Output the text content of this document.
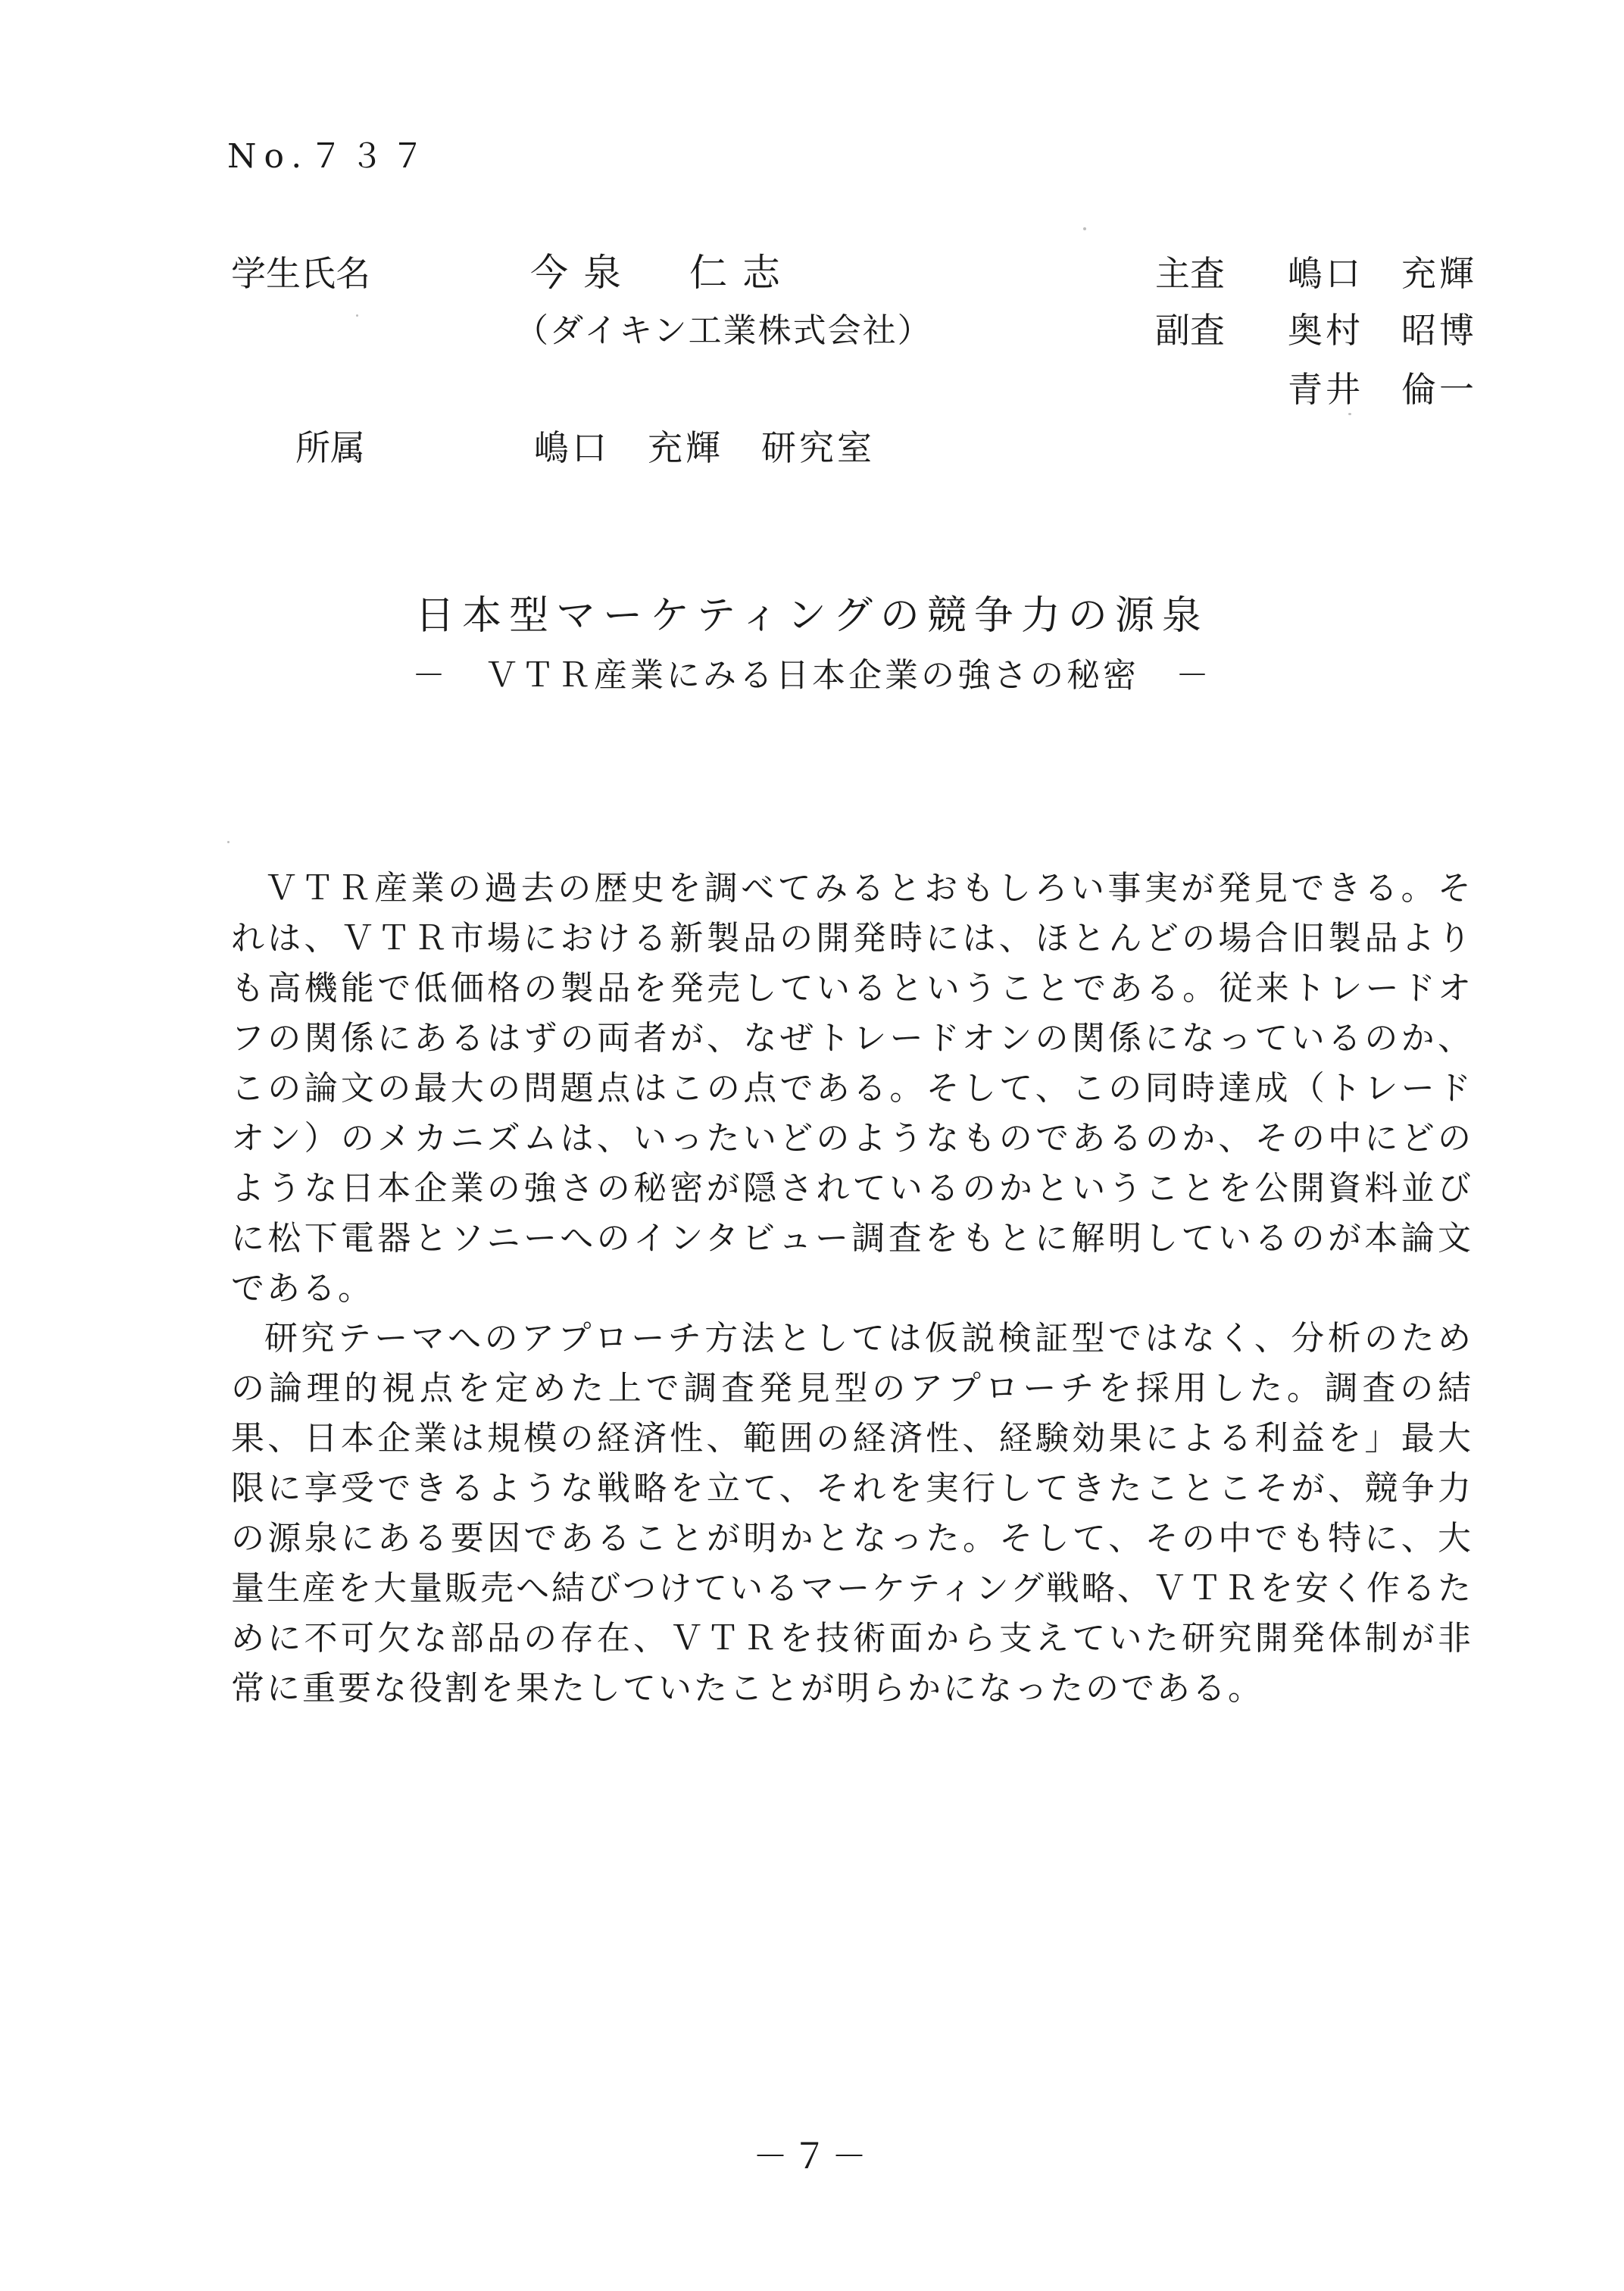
No.７３７
学生氏名	今泉　仁志
（ダイキン工業株式会社）
所属	嶋口　充輝　研究室
主査 嶋口　充輝
副査 奥村　昭博
青井　倫一
日本型マーケティングの競争力の源泉
－　ＶＴＲ産業にみる日本企業の強さの秘密　－

ＶＴＲ産業の過去の歴史を調べてみるとおもしろい事実が発見できる。それは、ＶＴＲ市場における新製品の開発時には、ほとんどの場合旧製品よりも高機能で低価格の製品を発売しているということである。従来トレードオフの関係にあるはずの両者が、なぜトレードオンの関係になっているのか、この論文の最大の問題点はこの点である。そして、この同時達成（トレードオン）のメカニズムは、いったいどのようなものであるのか、その中にどのような日本企業の強さの秘密が隠されているのかということを公開資料並びに松下電器とソニーへのインタビュー調査をもとに解明しているのが本論文である。

研究テーマへのアプローチ方法としては仮説検証型ではなく、分析のための論理的視点を定めた上で調査発見型のアプローチを採用した。調査の結果、日本企業は規模の経済性、範囲の経済性、経験効果による利益を」最大限に享受できるような戦略を立て、それを実行してきたことこそが、競争力の源泉にある要因であることが明かとなった。そして、その中でも特に、大量生産を大量販売へ結びつけているマーケティング戦略、ＶＴＲを安く作るために不可欠な部品の存在、ＶＴＲを技術面から支えていた研究開発体制が非常に重要な役割を果たしていたことが明らかになったのである。

－７－
